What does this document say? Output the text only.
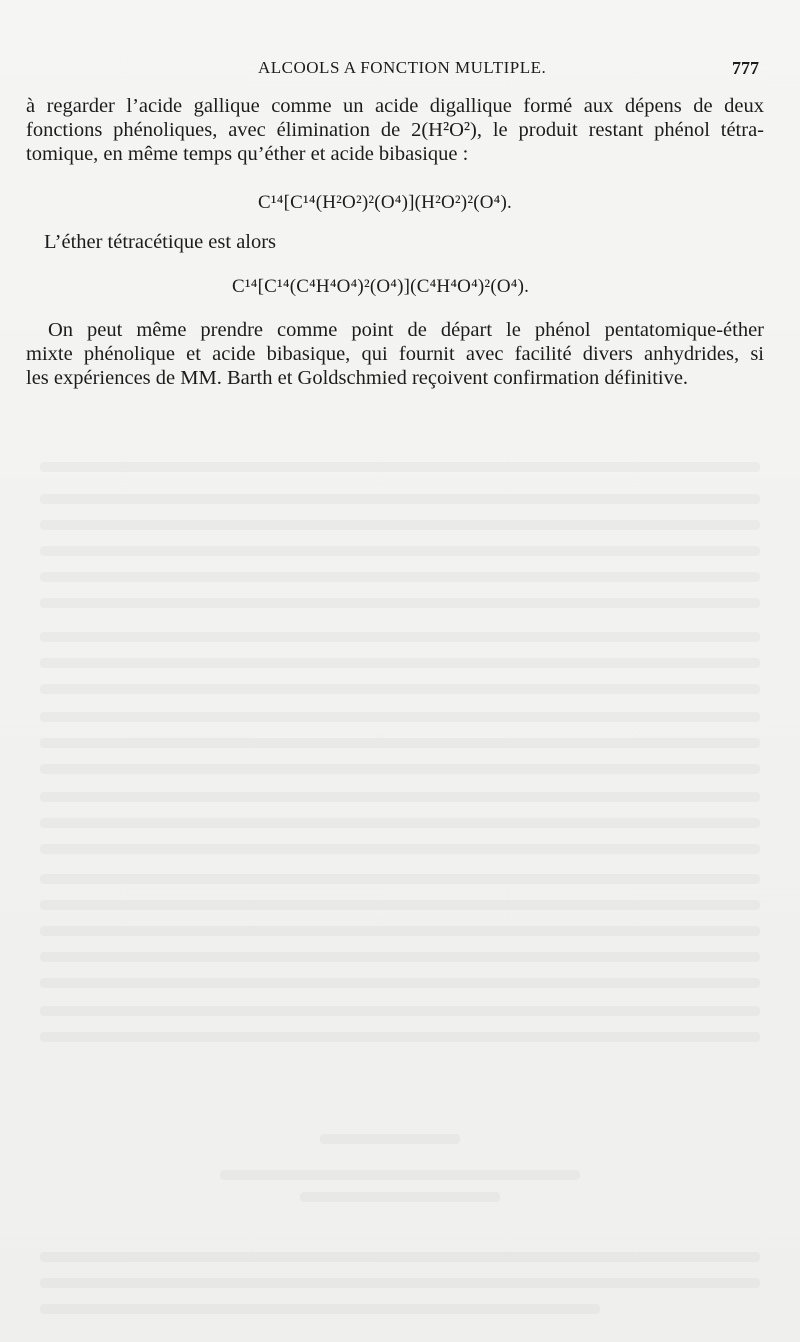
ALCOOLS A FONCTION MULTIPLE.	777
à regarder l’acide gallique comme un acide digallique formé aux dépens de deux
fonctions phénoliques, avec élimination de 2(H²O²), le produit restant phénol tétra-
tomique, en même temps qu’éther et acide bibasique :
C¹⁴[C¹⁴(H²O²)²(O⁴)](H²O²)²(O⁴).
L’éther tétracétique est alors
C¹⁴[C¹⁴(C⁴H⁴O⁴)²(O⁴)](C⁴H⁴O⁴)²(O⁴).
On peut même prendre comme point de départ le phénol pentatomique-éther
mixte phénolique et acide bibasique, qui fournit avec facilité divers anhydrides, si
les expériences de MM. Barth et Goldschmied reçoivent confirmation définitive.
